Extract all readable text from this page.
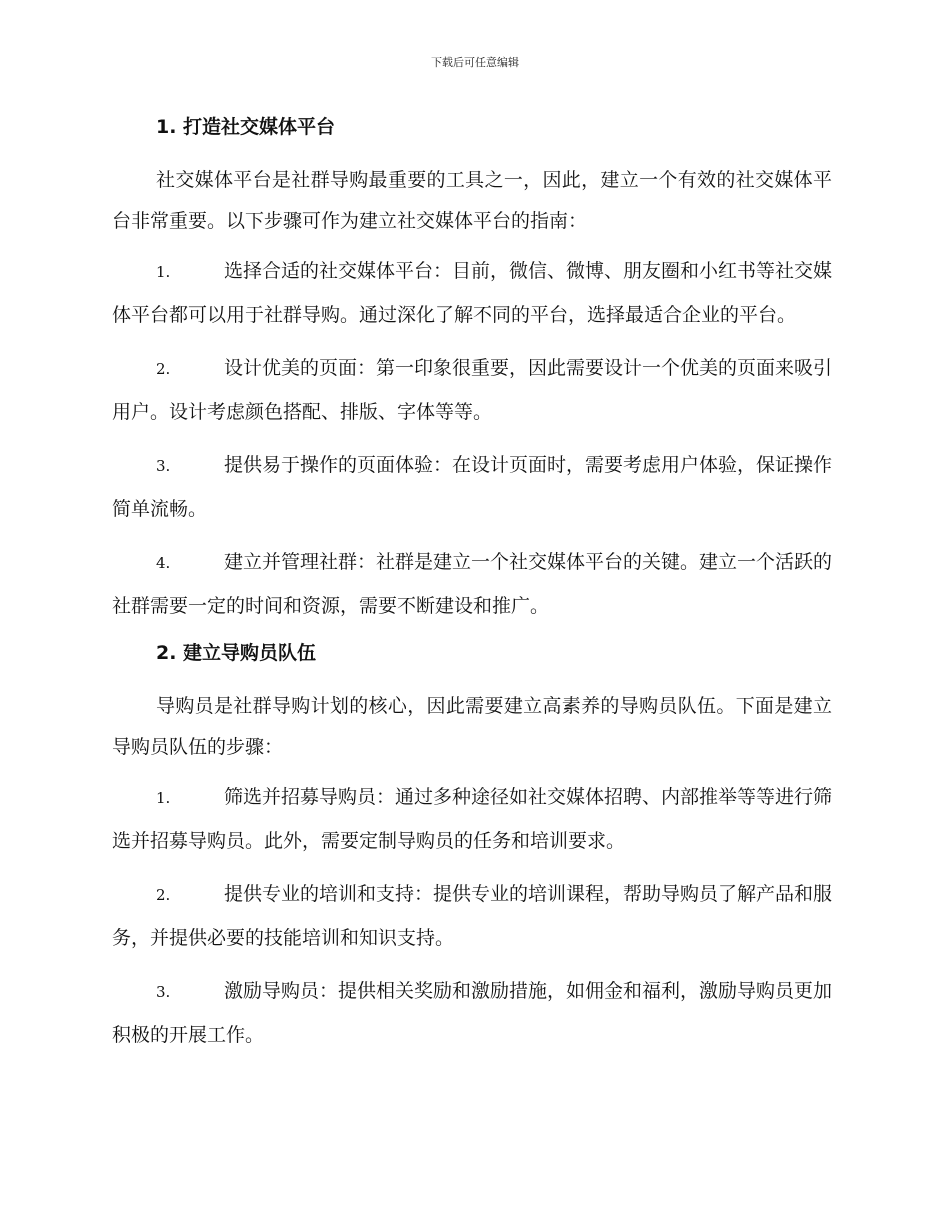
下载后可任意编辑
1. 打造社交媒体平台

社交媒体平台是社群导购最重要的工具之一，因此，建立一个有效的社交媒体平台非常重要。以下步骤可作为建立社交媒体平台的指南：

1.	选择合适的社交媒体平台：目前，微信、微博、朋友圈和小红书等社交媒体平台都可以用于社群导购。通过深化了解不同的平台，选择最适合企业的平台。
2.	设计优美的页面：第一印象很重要，因此需要设计一个优美的页面来吸引用户。设计考虑颜色搭配、排版、字体等等。
3.	提供易于操作的页面体验：在设计页面时，需要考虑用户体验，保证操作简单流畅。
4.	建立并管理社群：社群是建立一个社交媒体平台的关键。建立一个活跃的社群需要一定的时间和资源，需要不断建设和推广。
2. 建立导购员队伍

导购员是社群导购计划的核心，因此需要建立高素养的导购员队伍。下面是建立导购员队伍的步骤：

1.	筛选并招募导购员：通过多种途径如社交媒体招聘、内部推举等等进行筛选并招募导购员。此外，需要定制导购员的任务和培训要求。
2.	提供专业的培训和支持：提供专业的培训课程，帮助导购员了解产品和服务，并提供必要的技能培训和知识支持。
3.	激励导购员：提供相关奖励和激励措施，如佣金和福利，激励导购员更加积极的开展工作。
